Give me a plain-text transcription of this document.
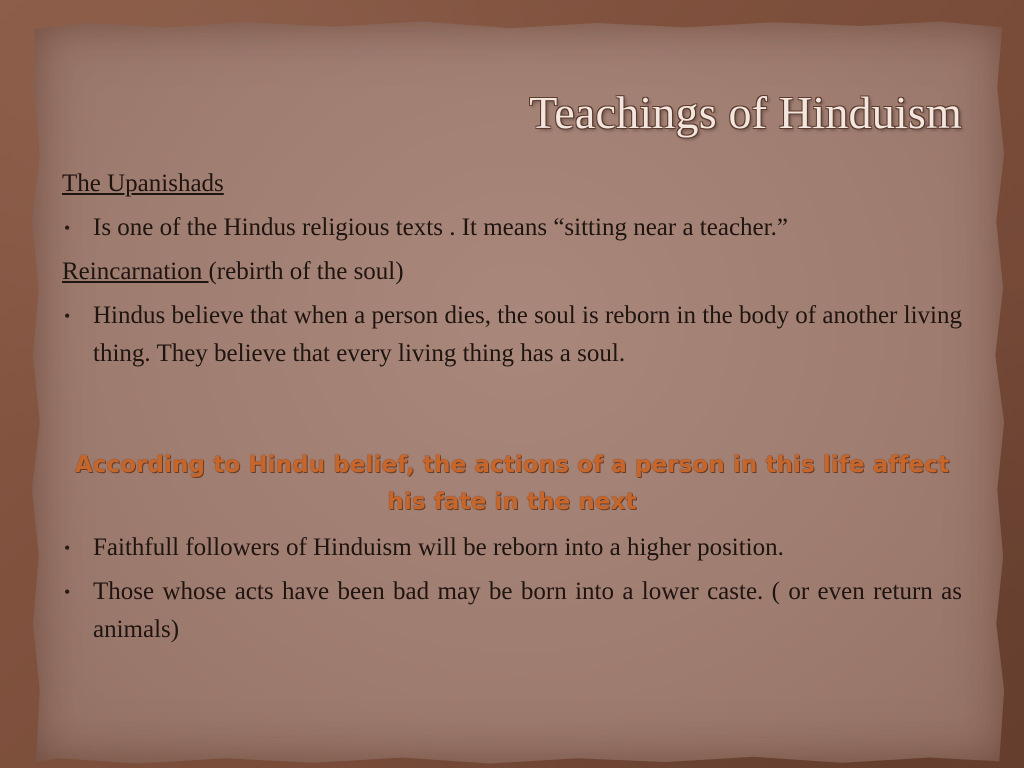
Teachings of Hinduism

The Upanishads

• Is one of the Hindus religious texts . It means “sitting near a teacher.”

Reincarnation (rebirth of the soul)

• Hindus believe that when a person dies, the soul is reborn in the body of another living thing. They believe that every living thing has a soul.

According to Hindu belief, the actions of a person in this life affect his fate in the next

• Faithfull followers of Hinduism will be reborn into a higher position.
• Those whose acts have been bad may be born into a lower caste. ( or even return as animals)
